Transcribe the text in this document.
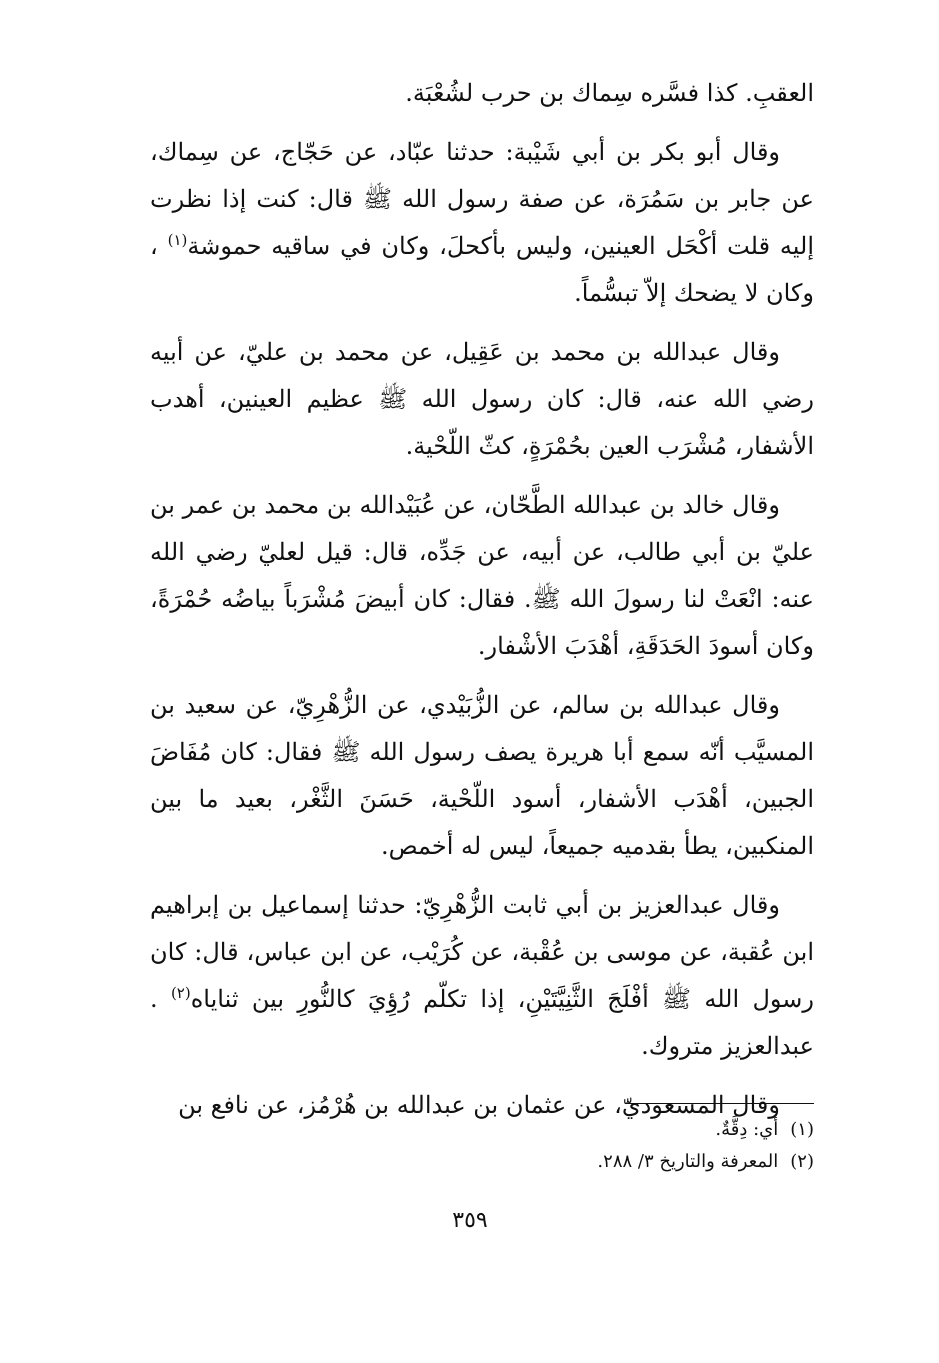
العقبِ. كذا فسَّره سِماك بن حرب لشُعْبَة.

وقال أبو بكر بن أبي شَيْبة: حدثنا عبّاد، عن حَجّاج، عن سِماك، عن جابر بن سَمُرَة، عن صفة رسول الله ﷺ قال: كنت إذا نظرت إليه قلت أكْحَل العينين، وليس بأكحلَ، وكان في ساقيه حموشة$^{(١)}$ ، وكان لا يضحك إلاّ تبسُّماً.

وقال عبدالله بن محمد بن عَقِيل، عن محمد بن عليّ، عن أبيه رضي الله عنه، قال: كان رسول الله ﷺ عظيم العينين، أهدب الأشفار، مُشْرَب العين بحُمْرَةٍ، كثّ اللّحْية.

وقال خالد بن عبدالله الطَّحّان، عن عُبَيْدالله بن محمد بن عمر بن عليّ بن أبي طالب، عن أبيه، عن جَدِّه، قال: قيل لعليّ رضي الله عنه: انْعَتْ لنا رسولَ الله ﷺ. فقال: كان أبيضَ مُشْرَباً بياضُه حُمْرَةً، وكان أسودَ الحَدَقَةِ، أهْدَبَ الأشْفار.

وقال عبدالله بن سالم، عن الزُّبَيْدي، عن الزُّهْرِيّ، عن سعيد بن المسيَّب أنّه سمع أبا هريرة يصف رسول الله ﷺ فقال: كان مُفَاضَ الجبين، أهْدَب الأشفار، أسود اللّحْية، حَسَنَ الثَّغْر، بعيد ما بين المنكبين، يطأ بقدميه جميعاً، ليس له أخمص.

وقال عبدالعزيز بن أبي ثابت الزُّهْرِيّ: حدثنا إسماعيل بن إبراهيم ابن عُقبة، عن موسى بن عُقْبة، عن كُرَيْب، عن ابن عباس، قال: كان رسول الله ﷺ أفْلَجَ الثَّنِيَّتَيْنِ، إذا تكلّم رُؤِيَ كالنُّورِ بين ثناياه$^{(٢)}$ . عبدالعزيز متروك.

وقال المسعوديّ، عن عثمان بن عبدالله بن هُرْمُز، عن نافع بن

(١)أي: دِقَّةٌ.

(٢)المعرفة والتاريخ ٣/ ٢٨٨.

٣٥٩
